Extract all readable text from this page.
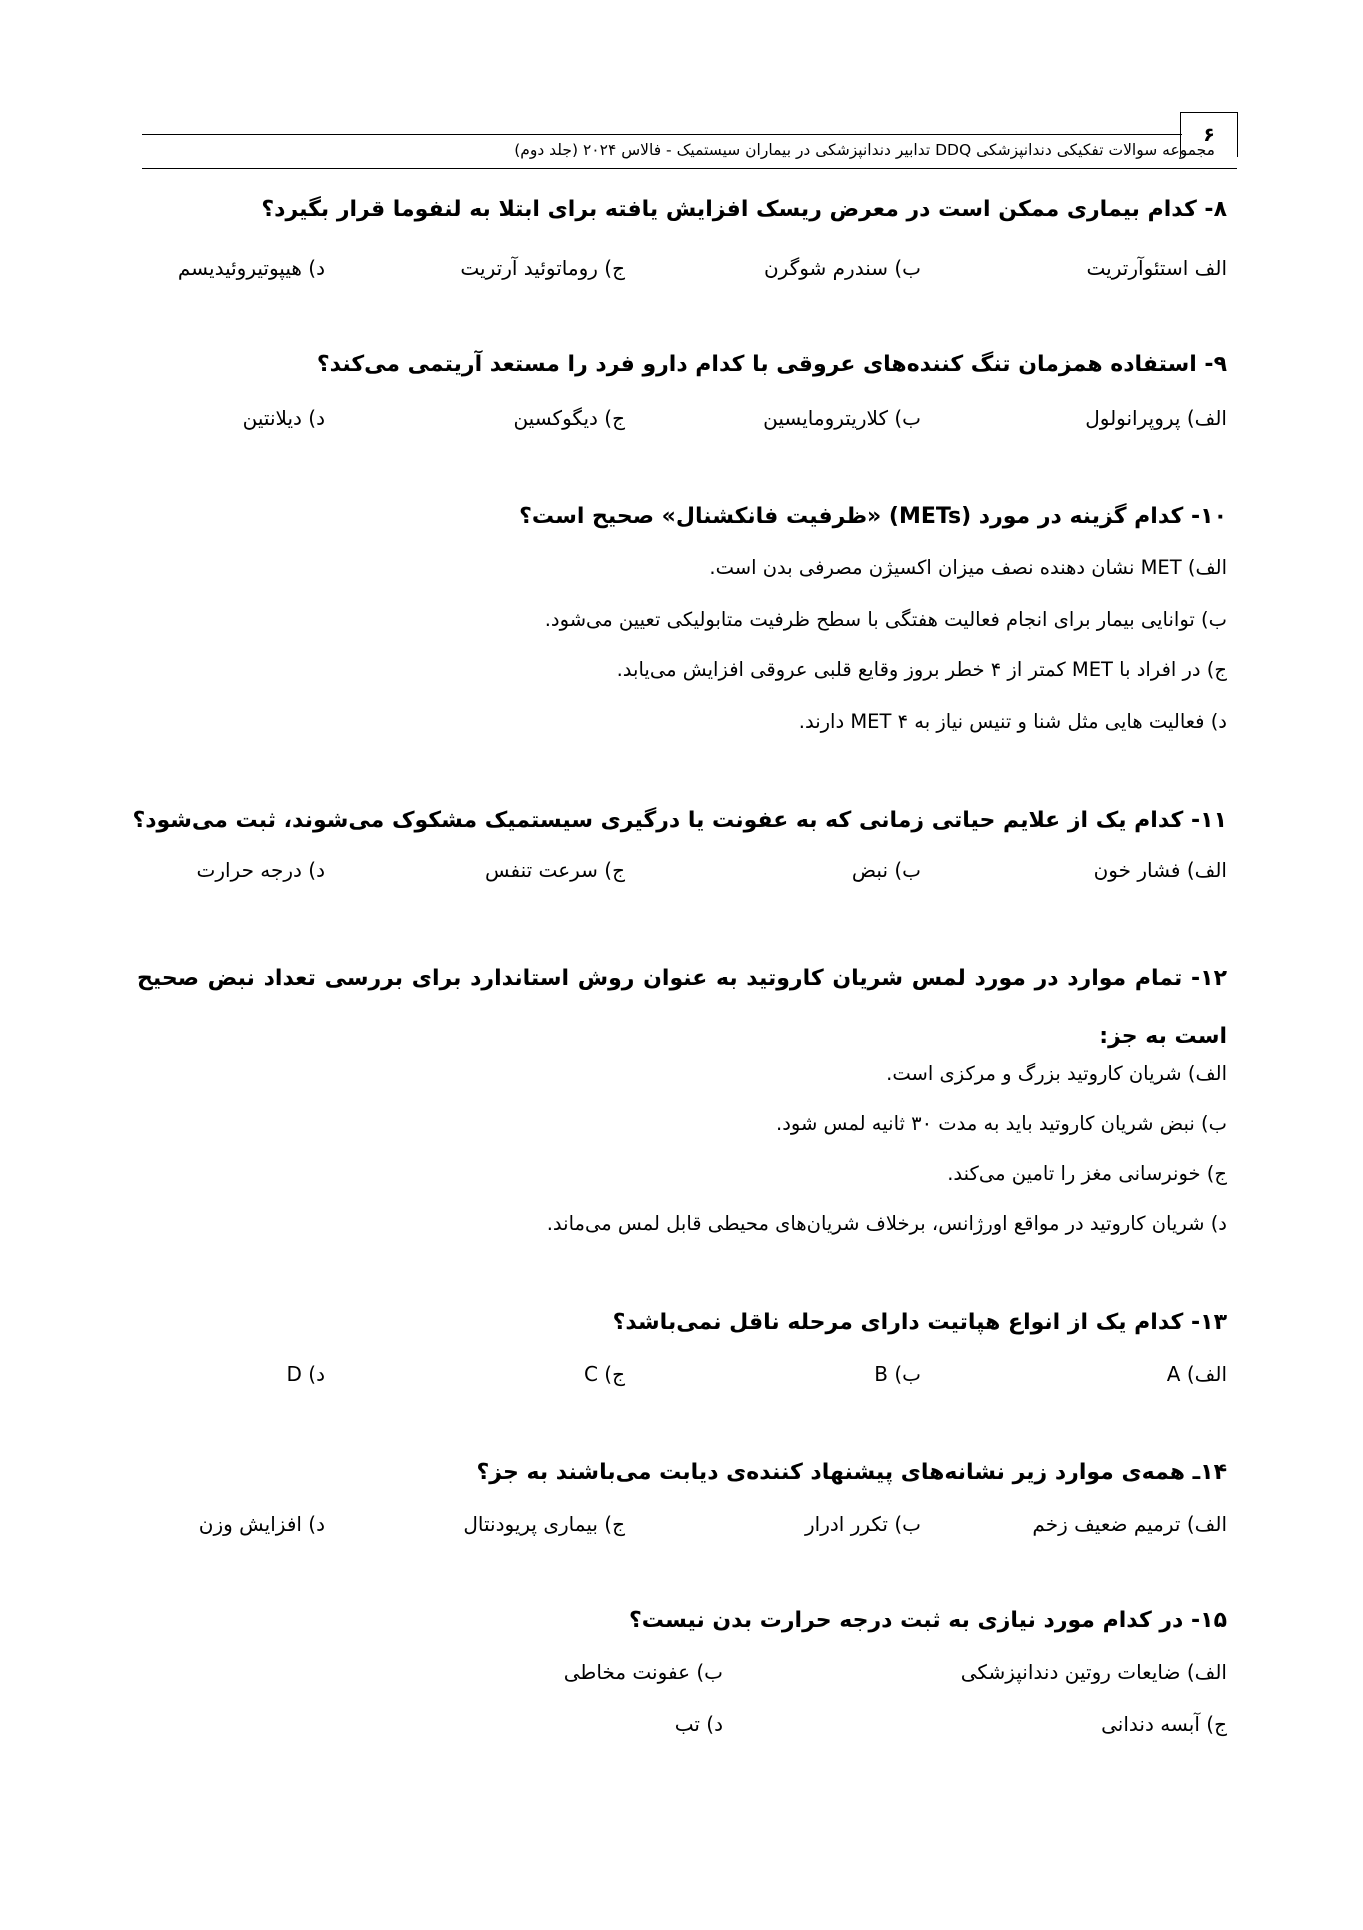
۶
مجموعه سوالات تفکیکی دندانپزشکی DDQ تدابیر دندانپزشکی در بیماران سیستمیک - فالاس ۲۰۲۴ (جلد دوم)
۸- کدام بیماری ممکن است در معرض ریسک افزایش یافته برای ابتلا به لنفوما قرار بگیرد؟
الف استئوآرتریت
ب) سندرم شوگرن
ج) روماتوئید آرتریت
د) هیپوتیروئیدیسم
۹- استفاده همزمان تنگ کننده‌های عروقی با کدام دارو فرد را مستعد آریتمی می‌کند؟
الف) پروپرانولول
ب) کلاریترومایسین
ج) دیگوکسین
د) دیلانتین
۱۰- کدام گزینه در مورد (METs) «ظرفیت فانکشنال» صحیح است؟
الف) MET نشان دهنده نصف میزان اکسیژن مصرفی بدن است.
ب) توانایی بیمار برای انجام فعالیت هفتگی با سطح ظرفیت متابولیکی تعیین می‌شود.
ج) در افراد با MET کمتر از ۴ خطر بروز وقایع قلبی عروقی افزایش می‌یابد.
د) فعالیت هایی مثل شنا و تنیس نیاز به MET ۴ دارند.
۱۱- کدام یک از علایم حیاتی زمانی که به عفونت یا درگیری سیستمیک مشکوک می‌شوند، ثبت می‌شود؟
الف) فشار خون
ب) نبض
ج) سرعت تنفس
د) درجه حرارت
۱۲- تمام موارد در مورد لمس شریان کاروتید به عنوان روش استاندارد برای بررسی تعداد نبض صحیح است به جز:
الف) شریان کاروتید بزرگ و مرکزی است.
ب) نبض شریان کاروتید باید به مدت ۳۰ ثانیه لمس شود.
ج) خونرسانی مغز را تامین می‌کند.
د) شریان کاروتید در مواقع اورژانس، برخلاف شریان‌های محیطی قابل لمس می‌ماند.
۱۳- کدام یک از انواع هپاتیت دارای مرحله ناقل نمی‌باشد؟
الف) A
ب) B
ج) C
د) D
۱۴ـ همه‌ی موارد زیر نشانه‌های پیشنهاد کننده‌ی دیابت می‌باشند به جز؟
الف) ترمیم ضعیف زخم
ب) تکرر ادرار
ج) بیماری پریودنتال
د) افزایش وزن
۱۵- در کدام مورد نیازی به ثبت درجه حرارت بدن نیست؟
الف) ضایعات روتین دندانپزشکی
ب) عفونت مخاطی
ج) آبسه دندانی
د) تب
